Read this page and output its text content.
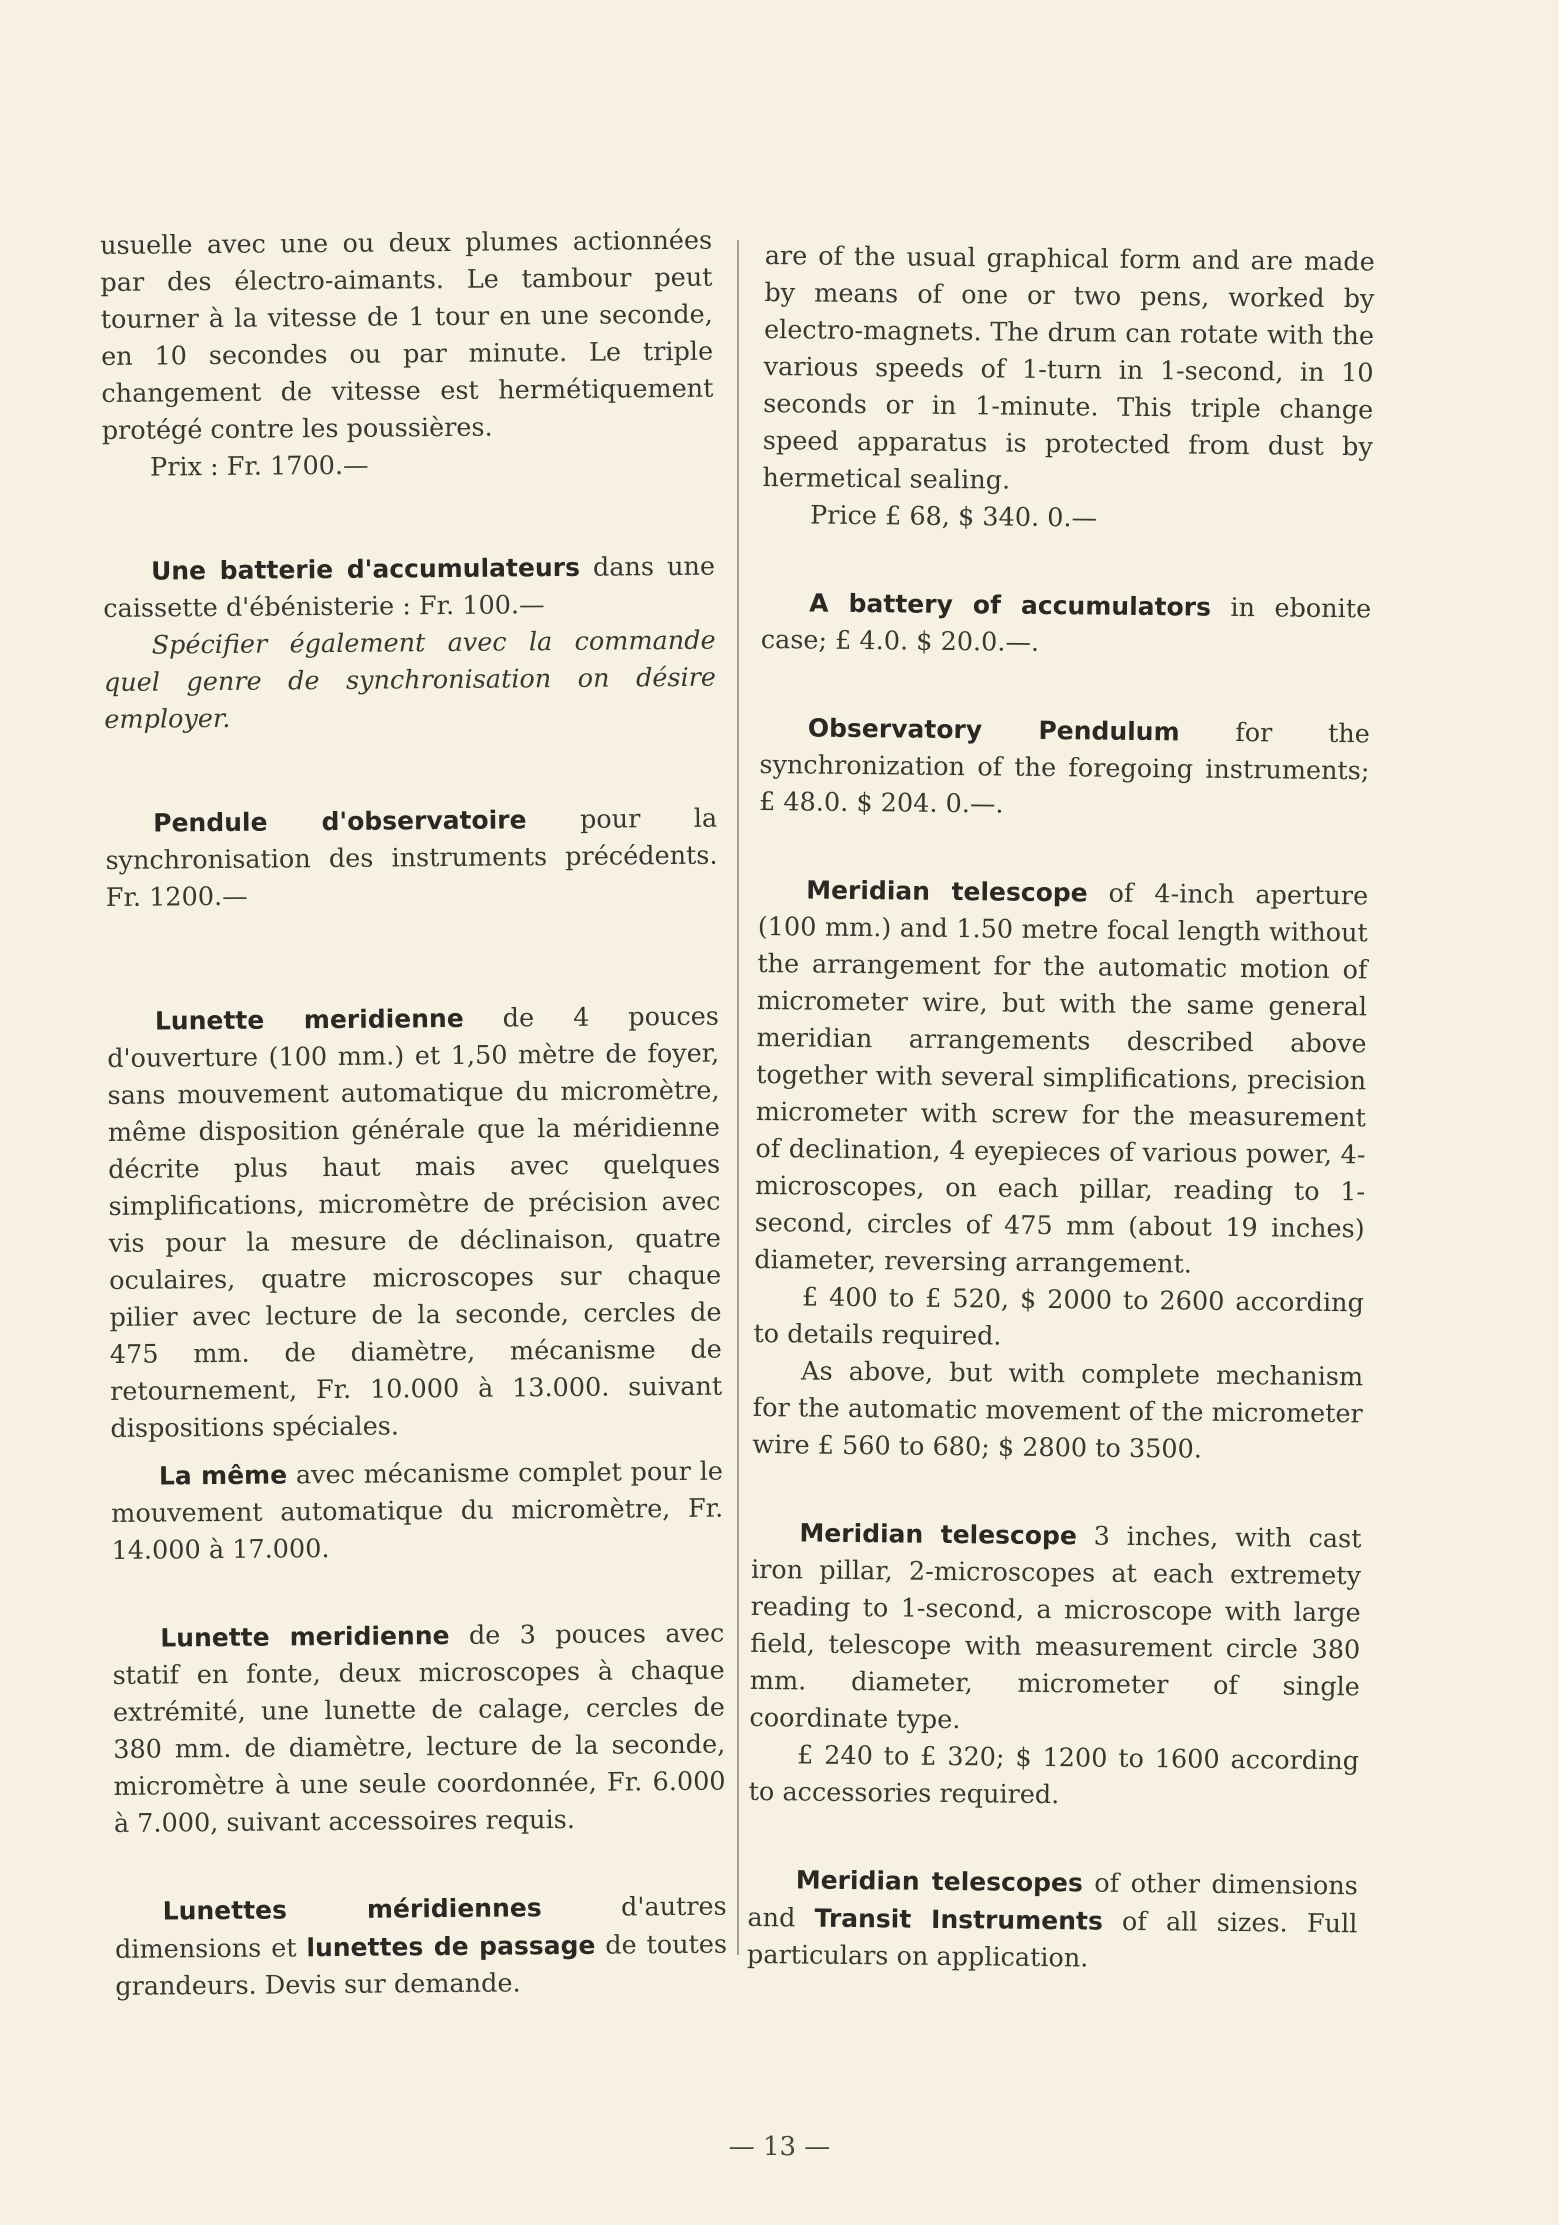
usuelle avec une ou deux plumes actionnées par des électro-aimants. Le tambour peut tourner à la vitesse de 1 tour en une seconde, en 10 secondes ou par minute. Le triple changement de vitesse est hermétiquement protégé contre les poussières.

Prix : Fr. 1700.—

Une batterie d'accumulateurs dans une caissette d'ébénisterie : Fr. 100.—

Spécifier également avec la commande quel genre de synchronisation on désire employer.

Pendule d'observatoire pour la synchronisation des instruments précédents. Fr. 1200.—

Lunette meridienne de 4 pouces d'ouverture (100 mm.) et 1,50 mètre de foyer, sans mouvement automatique du micromètre, même disposition générale que la méridienne décrite plus haut mais avec quelques simplifications, micromètre de précision avec vis pour la mesure de déclinaison, quatre oculaires, quatre microscopes sur chaque pilier avec lecture de la seconde, cercles de 475 mm. de diamètre, mécanisme de retournement, Fr. 10.000 à 13.000. suivant dispositions spéciales.

La même avec mécanisme complet pour le mouvement automatique du micromètre, Fr. 14.000 à 17.000.

Lunette meridienne de 3 pouces avec statif en fonte, deux microscopes à chaque extrémité, une lunette de calage, cercles de 380 mm. de diamètre, lecture de la seconde, micromètre à une seule coordonnée, Fr. 6.000 à 7.000, suivant accessoires requis.

Lunettes méridiennes d'autres dimensions et lunettes de passage de toutes grandeurs. Devis sur demande.

are of the usual graphical form and are made by means of one or two pens, worked by electro-magnets. The drum can rotate with the various speeds of 1-turn in 1-second, in 10 seconds or in 1-minute. This triple change speed apparatus is protected from dust by hermetical sealing.

Price £ 68, $ 340. 0.—

A battery of accumulators in ebonite case; £ 4.0. $ 20.0.—.

Observatory Pendulum for the synchronization of the foregoing instruments; £ 48.0. $ 204. 0.—.

Meridian telescope of 4-inch aperture (100 mm.) and 1.50 metre focal length without the arrangement for the automatic motion of micrometer wire, but with the same general meridian arrangements described above together with several simplifications, precision micrometer with screw for the measurement of declination, 4 eyepieces of various power, 4-microscopes, on each pillar, reading to 1-second, circles of 475 mm (about 19 inches) diameter, reversing arrangement.

£ 400 to £ 520, $ 2000 to 2600 according to details required.

As above, but with complete mechanism for the automatic movement of the micrometer wire £ 560 to 680; $ 2800 to 3500.

Meridian telescope 3 inches, with cast iron pillar, 2-microscopes at each extremety reading to 1-second, a microscope with large field, telescope with measurement circle 380 mm. diameter, micrometer of single coordinate type.

£ 240 to £ 320; $ 1200 to 1600 according to accessories required.

Meridian telescopes of other dimensions and Transit Instruments of all sizes. Full particulars on application.

— 13 —
